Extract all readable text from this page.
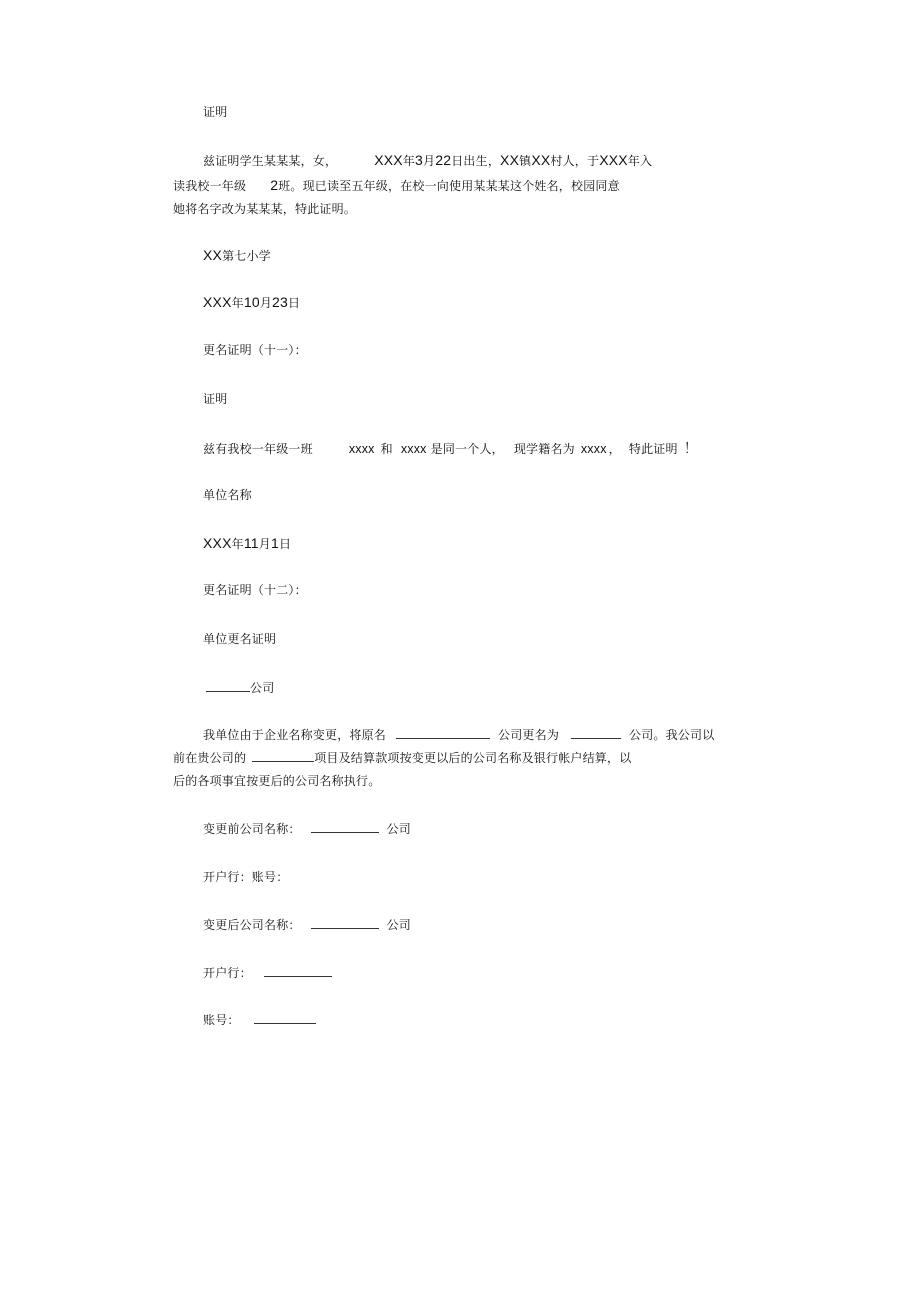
证明
兹证明学生某某某，女，	XXX年3月22日出生，XX镇XX村人，于XXX年入
读我校一年级 2班。现已读至五年级，在校一向使用某某某这个姓名，校园同意
她将名字改为某某某，特此证明。
XX第七小学
XXX年10月23日
更名证明（十一）：
证明
兹有我校一年级一班	xxxx 和 xxxx 是同一个人， 现学籍名为 xxxx ， 特此证明 ！
单位名称
XXX年11月1日
更名证明（十二）：
单位更名证明
公司
我单位由于企业名称变更，将原名	公司更名为	公司。我公司以
前在贵公司的	项目及结算款项按变更以后的公司名称及银行帐户结算，以
后的各项事宜按更后的公司名称执行。
变更前公司名称：	公司
开户行：账号：
变更后公司名称：	公司
开户行：
账号：
